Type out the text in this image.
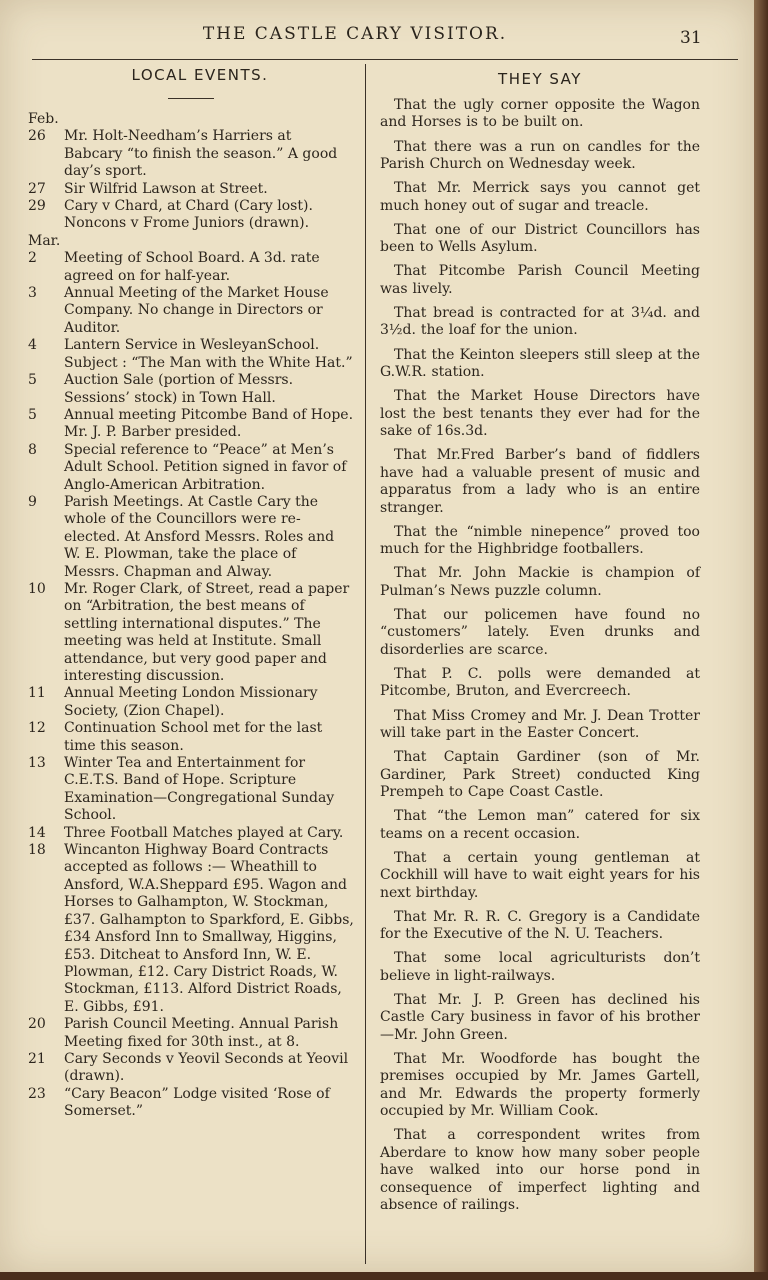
THE CASTLE CARY VISITOR.	31
LOCAL EVENTS.
Feb.
26	Mr. Holt-Needham’s Harriers at Babcary “to finish the season.” A good day’s sport.
27	Sir Wilfrid Lawson at Street.
29	Cary v Chard, at Chard (Cary lost). Noncons v Frome Juniors (drawn).
Mar.
2	Meeting of School Board. A 3d. rate agreed on for half-year.
3	Annual Meeting of the Market House Company. No change in Directors or Auditor.
4	Lantern Service in WesleyanSchool. Subject : “The Man with the White Hat.”
5	Auction Sale (portion of Messrs. Sessions’ stock) in Town Hall.
5	Annual meeting Pitcombe Band of Hope. Mr. J. P. Barber presided.
8	Special reference to “Peace” at Men’s Adult School. Petition signed in favor of Anglo-American Arbitration.
9	Parish Meetings. At Castle Cary the whole of the Councillors were re-elected. At Ansford Messrs. Roles and W. E. Plowman, take the place of Messrs. Chapman and Alway.
10	Mr. Roger Clark, of Street, read a paper on “Arbitration, the best means of settling international disputes.” The meeting was held at Institute. Small attendance, but very good paper and interesting discussion.
11	Annual Meeting London Missionary Society, (Zion Chapel).
12	Continuation School met for the last time this season.
13	Winter Tea and Entertainment for C.E.T.S. Band of Hope. Scripture Examination—Congregational Sunday School.
14	Three Football Matches played at Cary.
18	Wincanton Highway Board Contracts accepted as follows :— Wheathill to Ansford, W.A.Sheppard £95. Wagon and Horses to Galhampton, W. Stockman, £37. Galhampton to Sparkford, E. Gibbs, £34 Ansford Inn to Smallway, Higgins, £53. Ditcheat to Ansford Inn, W. E. Plowman, £12. Cary District Roads, W. Stockman, £113. Alford District Roads, E. Gibbs, £91.
20	Parish Council Meeting. Annual Parish Meeting fixed for 30th inst., at 8.
21	Cary Seconds v Yeovil Seconds at Yeovil (drawn).
23	“Cary Beacon” Lodge visited ‘Rose of Somerset.”
THEY SAY

That the ugly corner opposite the Wagon and Horses is to be built on.

That there was a run on candles for the Parish Church on Wednesday week.

That Mr. Merrick says you cannot get much honey out of sugar and treacle.

That one of our District Councillors has been to Wells Asylum.

That Pitcombe Parish Council Meeting was lively.

That bread is contracted for at 3¼d. and 3½d. the loaf for the union.

That the Keinton sleepers still sleep at the G.W.R. station.

That the Market House Directors have lost the best tenants they ever had for the sake of 16s.3d.

That Mr.Fred Barber’s band of fiddlers have had a valuable present of music and apparatus from a lady who is an entire stranger.

That the “nimble ninepence” proved too much for the Highbridge footballers.

That Mr. John Mackie is champion of Pulman’s News puzzle column.

That our policemen have found no “customers” lately. Even drunks and disorderlies are scarce.

That P. C. polls were demanded at Pitcombe, Bruton, and Evercreech.

That Miss Cromey and Mr. J. Dean Trotter will take part in the Easter Concert.

That Captain Gardiner (son of Mr. Gardiner, Park Street) conducted King Prempeh to Cape Coast Castle.

That “the Lemon man” catered for six teams on a recent occasion.

That a certain young gentleman at Cockhill will have to wait eight years for his next birthday.

That Mr. R. R. C. Gregory is a Candidate for the Executive of the N. U. Teachers.

That some local agriculturists don’t believe in light-railways.

That Mr. J. P. Green has declined his Castle Cary business in favor of his brother—Mr. John Green.

That Mr. Woodforde has bought the premises occupied by Mr. James Gartell, and Mr. Edwards the property formerly occupied by Mr. William Cook.

That a correspondent writes from Aberdare to know how many sober people have walked into our horse pond in consequence of imperfect lighting and absence of railings.
